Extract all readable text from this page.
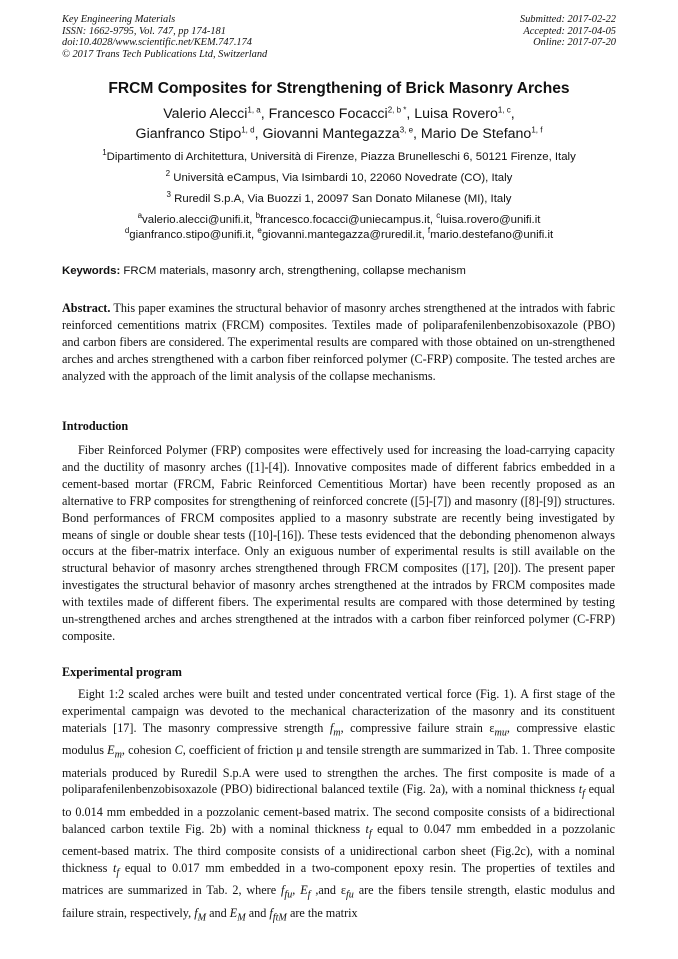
Key Engineering Materials
ISSN: 1662-9795, Vol. 747, pp 174-181
doi:10.4028/www.scientific.net/KEM.747.174
© 2017 Trans Tech Publications Ltd, Switzerland
Submitted: 2017-02-22
Accepted: 2017-04-05
Online: 2017-07-20
FRCM Composites for Strengthening of Brick Masonry Arches
Valerio Alecci$^{1, a}$, Francesco Focacci$^{2, b *}$, Luisa Rovero$^{1, c}$,
Gianfranco Stipo$^{1, d}$, Giovanni Mantegazza$^{3, e}$, Mario De Stefano$^{1, f}$
$^1$Dipartimento di Architettura, Università di Firenze, Piazza Brunelleschi 6, 50121 Firenze, Italy
$^2$ Università eCampus, Via Isimbardi 10, 22060 Novedrate (CO), Italy
$^3$ Ruredil S.p.A, Via Buozzi 1, 20097 San Donato Milanese (MI), Italy
$^a$valerio.alecci@unifi.it, $^b$francesco.focacci@uniecampus.it, $^c$luisa.rovero@unifi.it
$^d$gianfranco.stipo@unifi.it, $^e$giovanni.mantegazza@ruredil.it, $^f$mario.destefano@unifi.it
Keywords: FRCM materials, masonry arch, strengthening, collapse mechanism
Abstract. This paper examines the structural behavior of masonry arches strengthened at the intrados with fabric reinforced cementitions matrix (FRCM) composites. Textiles made of poliparafenilenbenzobisoxazole (PBO) and carbon fibers are considered. The experimental results are compared with those obtained on un-strengthened arches and arches strengthened with a carbon fiber reinforced polymer (C-FRP) composite. The tested arches are analyzed with the approach of the limit analysis of the collapse mechanisms.
Introduction
Fiber Reinforced Polymer (FRP) composites were effectively used for increasing the load-carrying capacity and the ductility of masonry arches ([1]-[4]). Innovative composites made of different fabrics embedded in a cement-based mortar (FRCM, Fabric Reinforced Cementitious Mortar) have been recently proposed as an alternative to FRP composites for strengthening of reinforced concrete ([5]-[7]) and masonry ([8]-[9]) structures. Bond performances of FRCM composites applied to a masonry substrate are recently being investigated by means of single or double shear tests ([10]-[16]). These tests evidenced that the debonding phenomenon always occurs at the fiber-matrix interface. Only an exiguous number of experimental results is still available on the structural behavior of masonry arches strengthened through FRCM composites ([17], [20]). The present paper investigates the structural behavior of masonry arches strengthened at the intrados by FRCM composites made with textiles made of different fibers. The experimental results are compared with those determined by testing un-strengthened arches and arches strengthened at the intrados with a carbon fiber reinforced polymer (C-FRP) composite.
Experimental program
Eight 1:2 scaled arches were built and tested under concentrated vertical force (Fig. 1). A first stage of the experimental campaign was devoted to the mechanical characterization of the masonry and its constituent materials [17]. The masonry compressive strength $f_m$, compressive failure strain $\varepsilon_{mu}$, compressive elastic modulus $E_m$, cohesion C, coefficient of friction μ and tensile strength are summarized in Tab. 1. Three composite materials produced by Ruredil S.p.A were used to strengthen the arches. The first composite is made of a poliparafenilenbenzobisoxazole (PBO) bidirectional balanced textile (Fig. 2a), with a nominal thickness $t_f$ equal to 0.014 mm embedded in a pozzolanic cement-based matrix. The second composite consists of a bidirectional balanced carbon textile Fig. 2b) with a nominal thickness $t_f$ equal to 0.047 mm embedded in a pozzolanic cement-based matrix. The third composite consists of a unidirectional carbon sheet (Fig.2c), with a nominal thickness $t_f$ equal to 0.017 mm embedded in a two-component epoxy resin. The properties of textiles and matrices are summarized in Tab. 2, where $f_{fu}$, $E_f$ ,and $\varepsilon_{fu}$ are the fibers tensile strength, elastic modulus and failure strain, respectively, $f_M$ and $E_M$ and $f_{ftM}$ are the matrix
